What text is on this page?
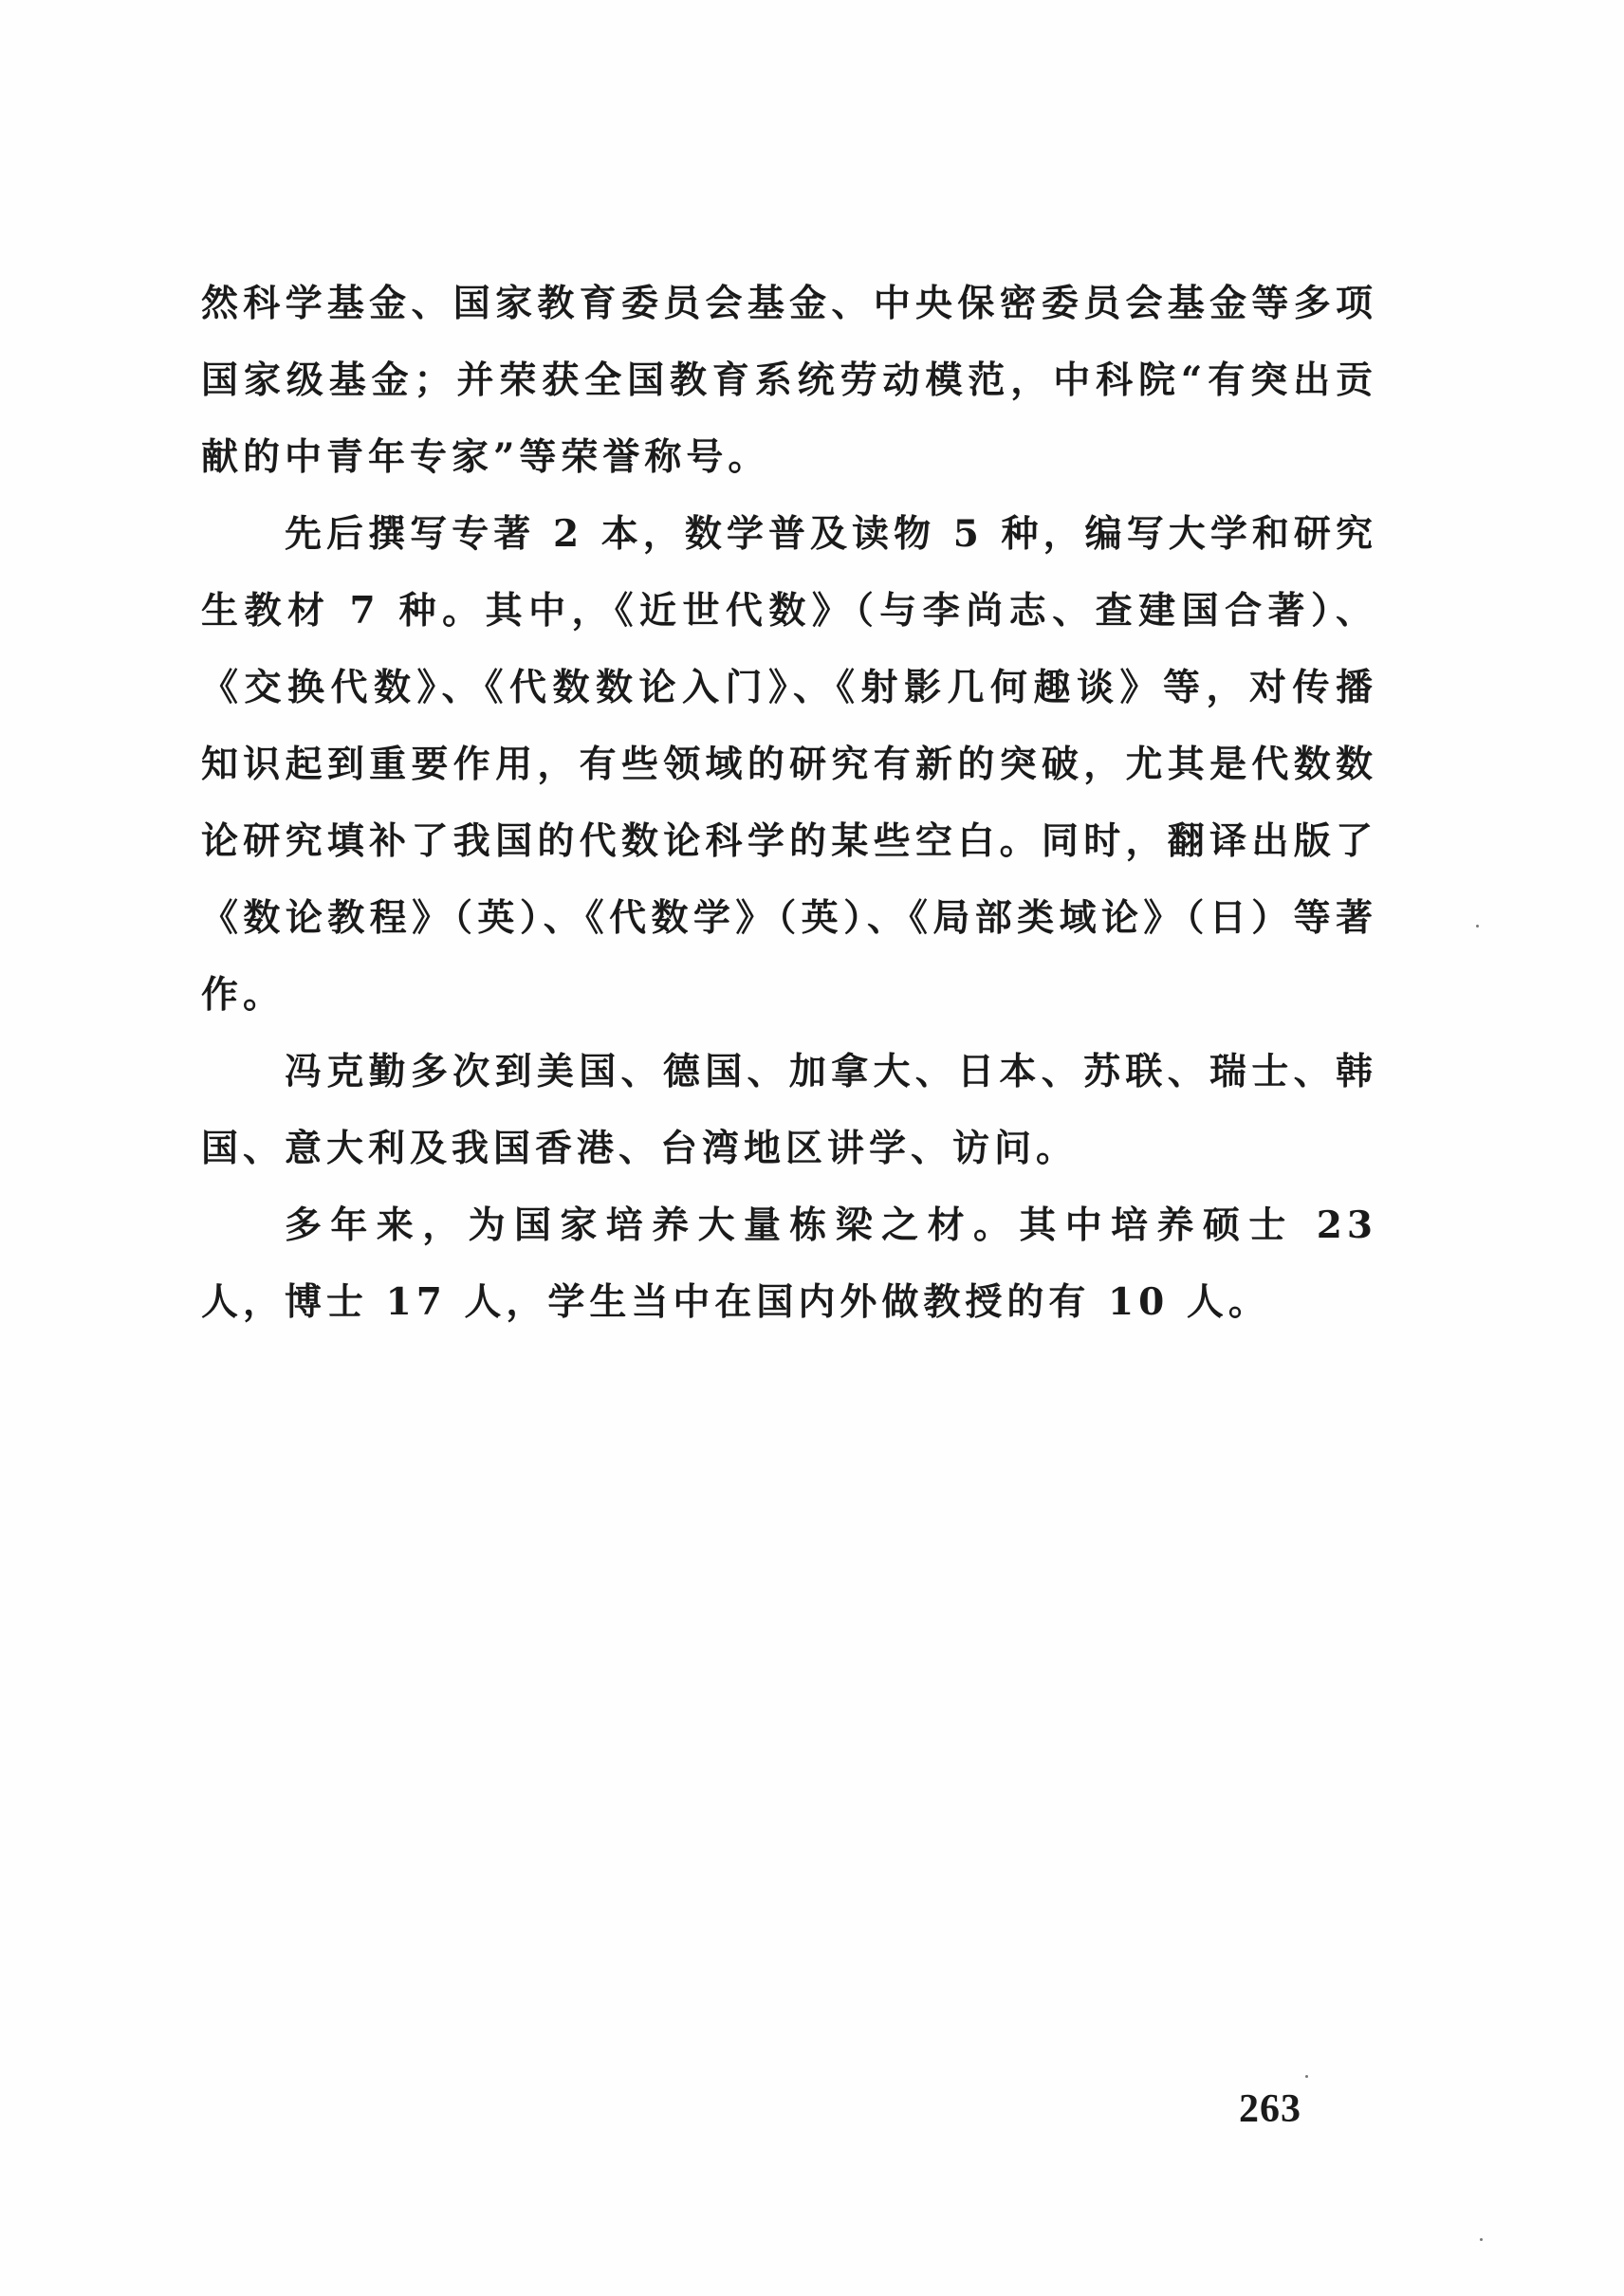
然科学基金、国家教育委员会基金、中央保密委员会基金等多项国家级基金；并荣获全国教育系统劳动模范，中科院“有突出贡献的中青年专家”等荣誉称号。

先后撰写专著 2 本，数学普及读物 5 种，编写大学和研究生教材 7 种。其中，《近世代数》（与李尚志、查建国合著）、《交换代数》、《代数数论入门》、《射影几何趣谈》等，对传播知识起到重要作用，有些领域的研究有新的突破，尤其是代数数论研究填补了我国的代数论科学的某些空白。同时，翻译出版了《数论教程》（英）、《代数学》（英）、《局部类域论》（日）等著作。

冯克勤多次到美国、德国、加拿大、日本、苏联、瑞士、韩国、意大利及我国香港、台湾地区讲学、访问。

多年来，为国家培养大量栋梁之材。其中培养硕士 23 人，博士 17 人，学生当中在国内外做教授的有 10 人。

263
